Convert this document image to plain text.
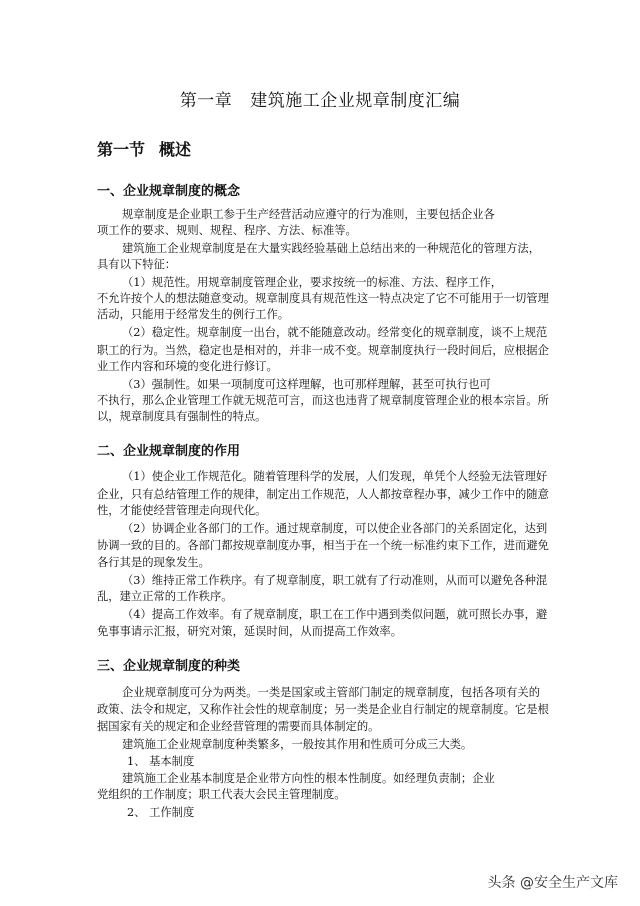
第一章 建筑施工企业规章制度汇编
第一节 概述
一、企业规章制度的概念

规章制度是企业职工参于生产经营活动应遵守的行为准则，主要包括企业各

项工作的要求、规则、规程、程序、方法、标准等。

建筑施工企业规章制度是在大量实践经验基础上总结出来的一种规范化的管理方法，

具有以下特征：

（1）规范性。用规章制度管理企业，要求按统一的标准、方法、程序工作，

不允许按个人的想法随意变动。规章制度具有规范性这一特点决定了它不可能用于一切管理

活动，只能用于经常发生的例行工作。

（2）稳定性。规章制度一出台，就不能随意改动。经常变化的规章制度，谈不上规范

职工的行为。当然，稳定也是相对的，并非一成不变。规章制度执行一段时间后，应根据企

业工作内容和环境的变化进行修订。

（3）强制性。如果一项制度可这样理解，也可那样理解，甚至可执行也可

不执行，那么企业管理工作就无规范可言，而这也违背了规章制度管理企业的根本宗旨。所

以，规章制度具有强制性的特点。

二、企业规章制度的作用

（1）使企业工作规范化。随着管理科学的发展，人们发现，单凭个人经验无法管理好

企业，只有总结管理工作的规律，制定出工作规范，人人都按章程办事，减少工作中的随意

性，才能使经营管理走向现代化。

（2）协调企业各部门的工作。通过规章制度，可以使企业各部门的关系固定化，达到

协调一致的目的。各部门都按规章制度办事，相当于在一个统一标准约束下工作，进而避免

各行其是的现象发生。

（3）维持正常工作秩序。有了规章制度，职工就有了行动准则，从而可以避免各种混

乱，建立正常的工作秩序。

（4）提高工作效率。有了规章制度，职工在工作中遇到类似问题，就可照长办事，避

免事事请示汇报，研究对策，延误时间，从而提高工作效率。

三、企业规章制度的种类

企业规章制度可分为两类。一类是国家或主管部门制定的规章制度，包括各项有关的

政策、法令和规定，又称作社会性的规章制度；另一类是企业自行制定的规章制度。它是根

据国家有关的规定和企业经营管理的需要而具体制定的。

建筑施工企业规章制度种类繁多，一般按其作用和性质可分成三大类。

1、 基本制度

建筑施工企业基本制度是企业带方向性的根本性制度。如经理负责制；企业

党组织的工作制度；职工代表大会民主管理制度。

2、 工作制度

头条 @安全生产文库
